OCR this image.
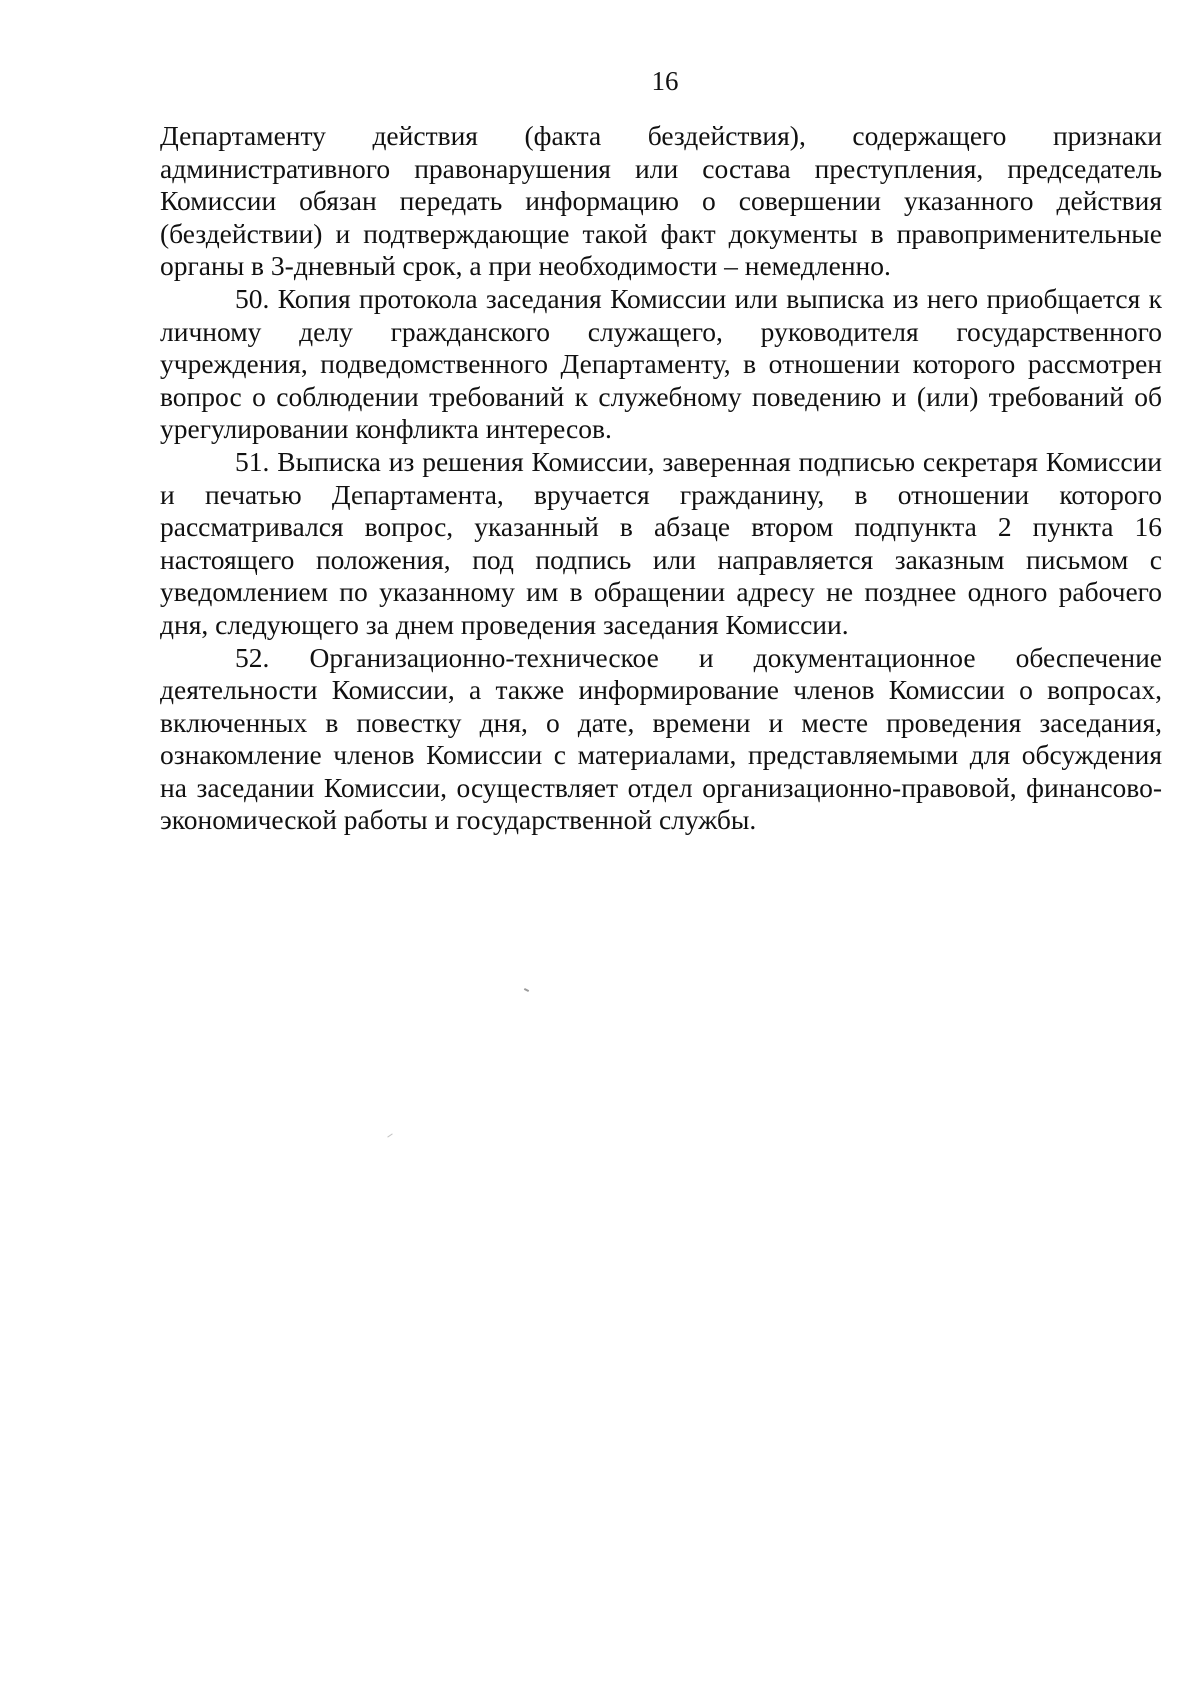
16

Департаменту действия (факта бездействия), содержащего признаки административного правонарушения или состава преступления, председатель Комиссии обязан передать информацию о совершении указанного действия (бездействии) и подтверждающие такой факт документы в правоприменительные органы в 3-дневный срок, а при необходимости – немедленно.

50. Копия протокола заседания Комиссии или выписка из него приобщается к личному делу гражданского служащего, руководителя государственного учреждения, подведомственного Департаменту, в отношении которого рассмотрен вопрос о соблюдении требований к служебному поведению и (или) требований об урегулировании конфликта интересов.

51. Выписка из решения Комиссии, заверенная подписью секретаря Комиссии и печатью Департамента, вручается гражданину, в отношении которого рассматривался вопрос, указанный в абзаце втором подпункта 2 пункта 16 настоящего положения, под подпись или направляется заказным письмом с уведомлением по указанному им в обращении адресу не позднее одного рабочего дня, следующего за днем проведения заседания Комиссии.

52. Организационно-техническое и документационное обеспечение деятельности Комиссии, а также информирование членов Комиссии о вопросах, включенных в повестку дня, о дате, времени и месте проведения заседания, ознакомление членов Комиссии с материалами, представляемыми для обсуждения на заседании Комиссии, осуществляет отдел организационно-правовой, финансово-экономической работы и государственной службы.
